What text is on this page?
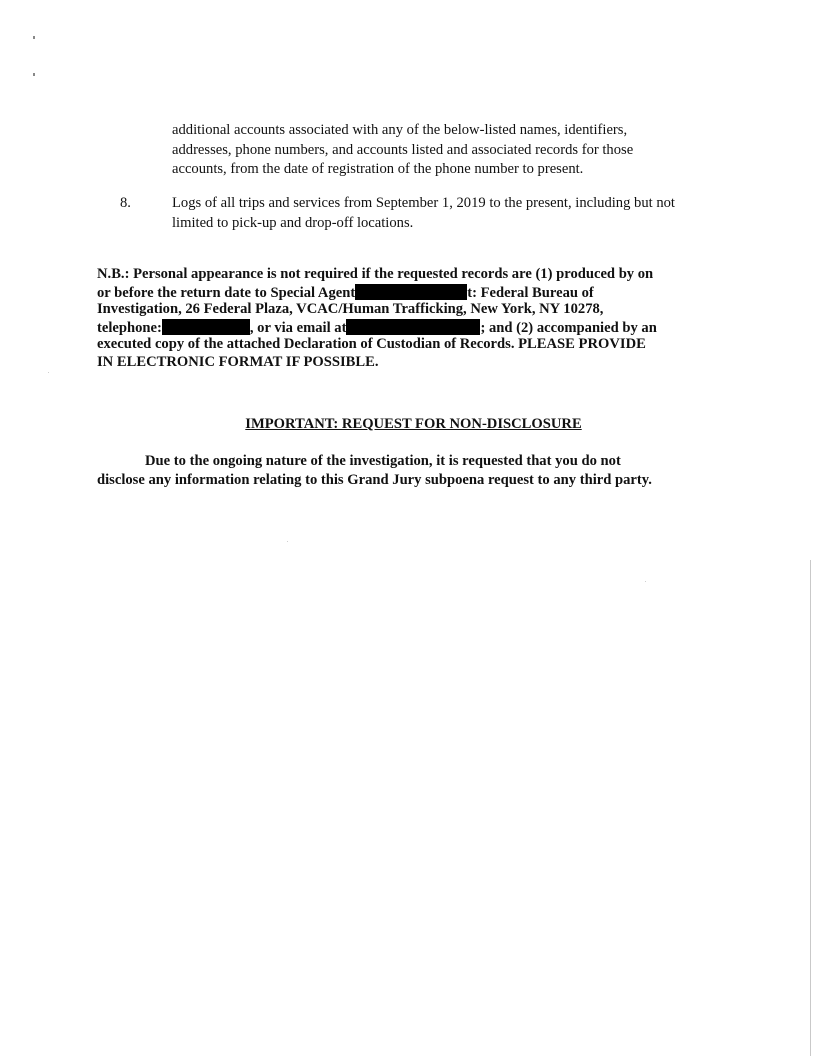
additional accounts associated with any of the below-listed names, identifiers,
addresses, phone numbers, and accounts listed and associated records for those
accounts, from the date of registration of the phone number to present.
8.	Logs of all trips and services from September 1, 2019 to the present, including but not
limited to pick-up and drop-off locations.
N.B.: Personal appearance is not required if the requested records are (1) produced by on
or before the return date to Special Agent	t: Federal Bureau of
Investigation, 26 Federal Plaza, VCAC/Human Trafficking, New York, NY 10278,
telephone:	, or via email at	; and (2) accompanied by an
executed copy of the attached Declaration of Custodian of Records. PLEASE PROVIDE
IN ELECTRONIC FORMAT IF POSSIBLE.
IMPORTANT: REQUEST FOR NON-DISCLOSURE
Due to the ongoing nature of the investigation, it is requested that you do not
disclose any information relating to this Grand Jury subpoena request to any third party.
